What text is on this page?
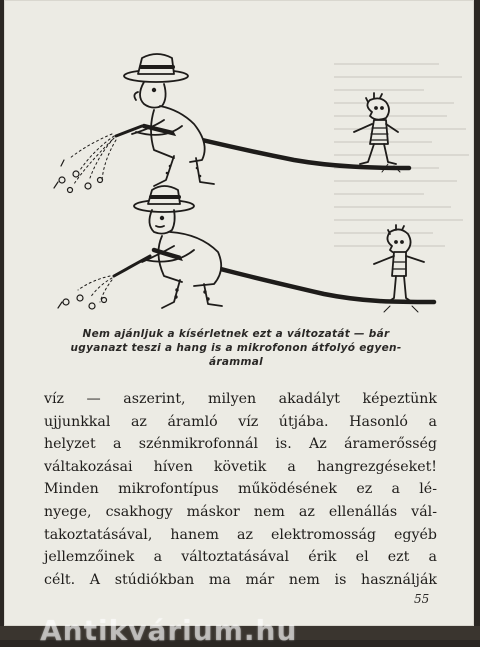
Nem ajánljuk a kísérletnek ezt a változatát — bár

ugyanazt teszi a hang is a mikrofonon átfolyó egyen-

árammal

víz — aszerint, milyen akadályt képeztünk
ujjunkkal az áramló víz útjába. Hasonló a
helyzet a szénmikrofonnál is. Az áramerősség
váltakozásai híven követik a hangrezgéseket!
Minden mikrofontípus működésének ez a lé-
nyege, csakhogy máskor nem az ellenállás vál-
takoztatásával, hanem az elektromosság egyéb
jellemzőinek a változtatásával érik el ezt a
célt. A stúdiókban ma már nem is használják
55
Antikvárium.hu
